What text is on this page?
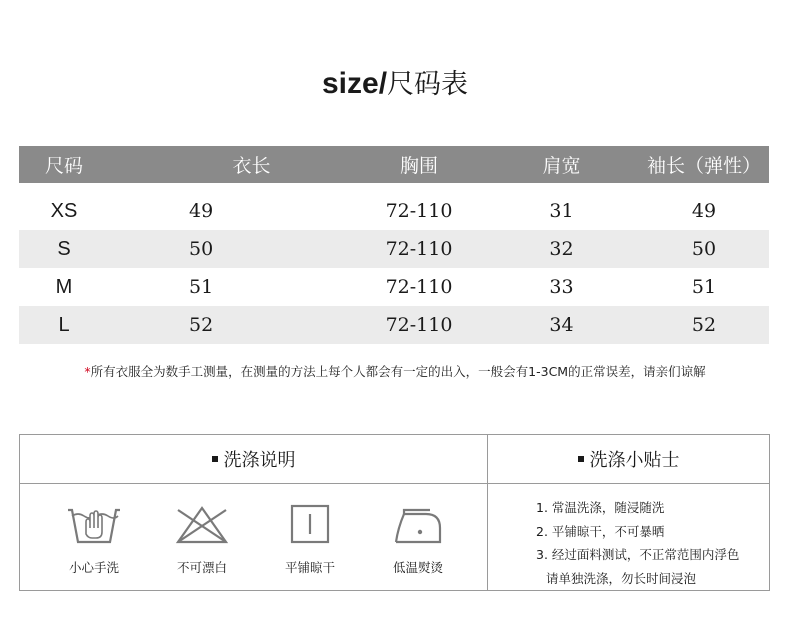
size/尺码表
尺码	衣长	胸围	肩宽	袖长（弹性）
XS	49	72-110	31	49
S	50	72-110	32	50
M	51	72-110	33	51
L	52	72-110	34	52
*所有衣服全为数手工测量，在测量的方法上每个人都会有一定的出入，一般会有1-3CM的正常误差，请亲们谅解
洗涤说明	洗涤小贴士
小心手洗	不可漂白	平铺晾干	低温熨烫
1. 常温洗涤，随浸随洗
2. 平铺晾干，不可暴晒
3. 经过面料测试，不正常范围内浮色
请单独洗涤，勿长时间浸泡
